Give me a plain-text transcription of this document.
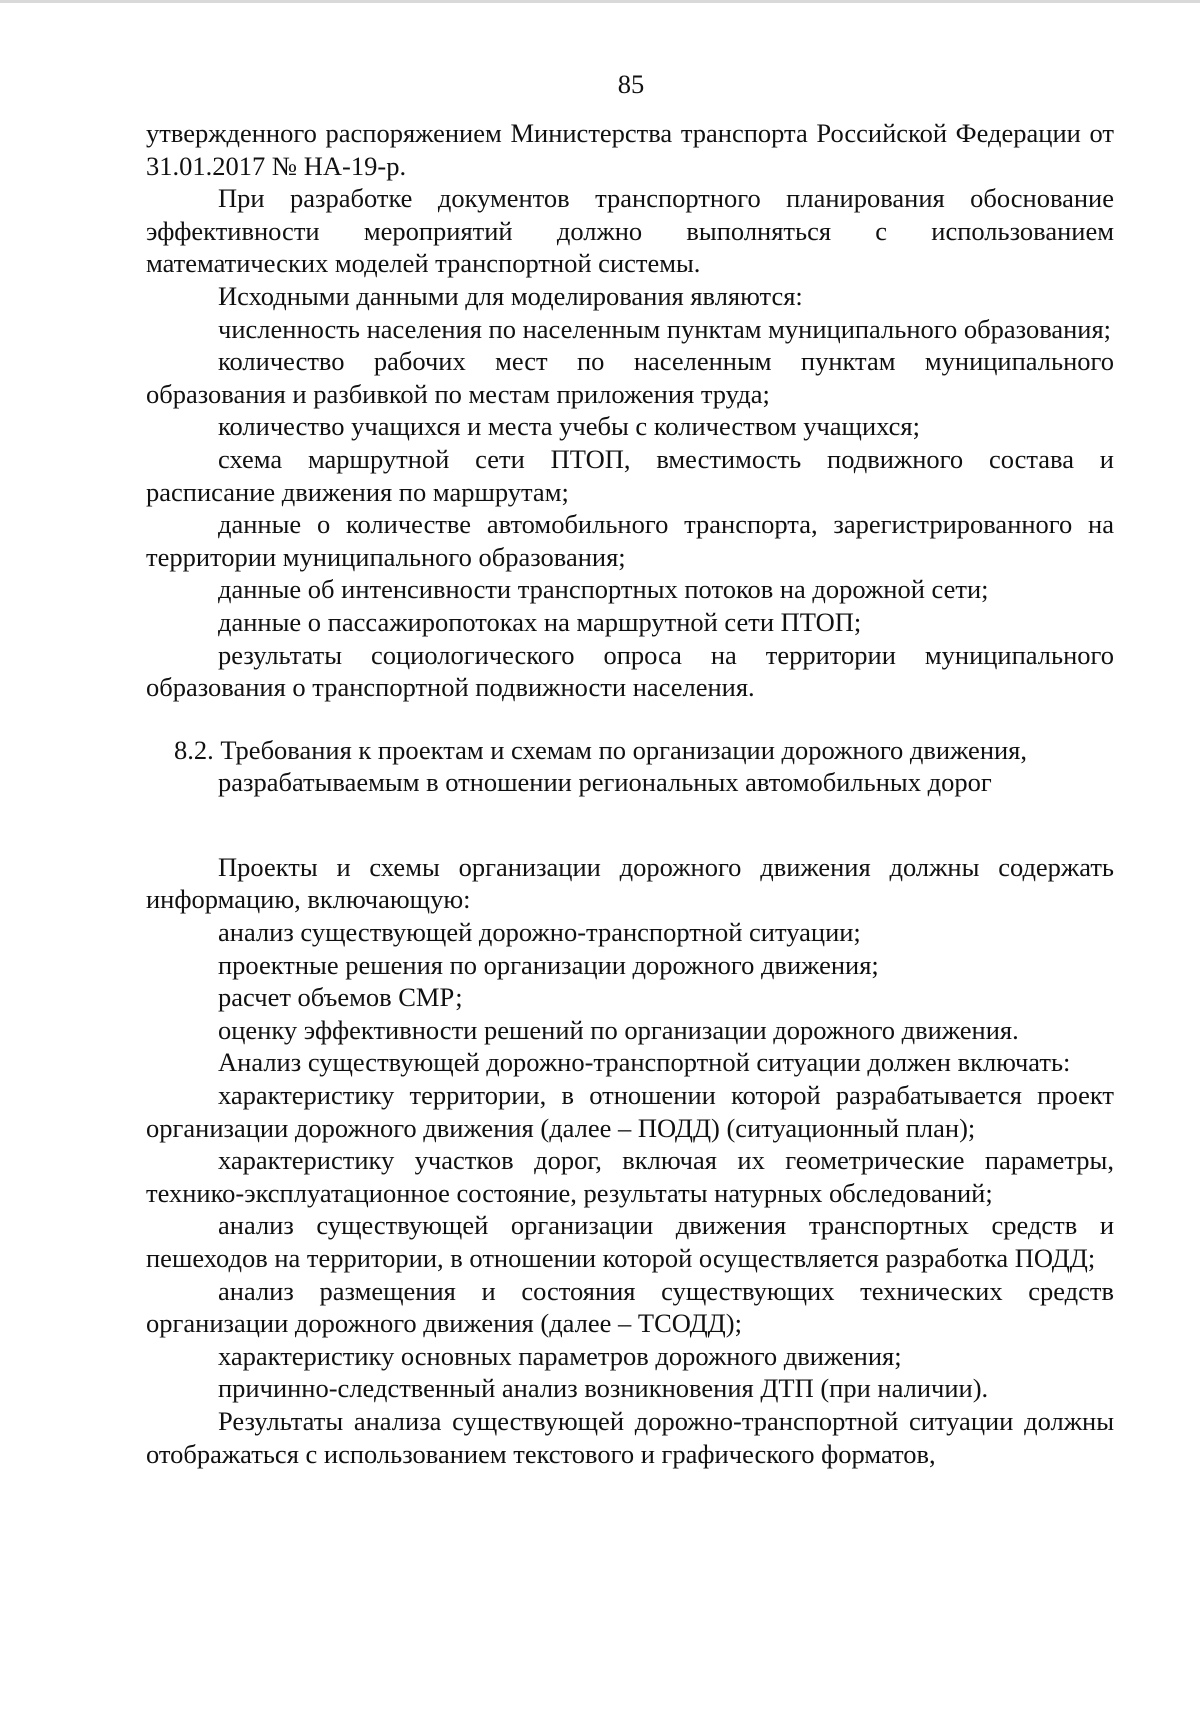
85

утвержденного распоряжением Министерства транспорта Российской Федерации от 31.01.2017 № НА-19-р.

При разработке документов транспортного планирования обоснование эффективности мероприятий должно выполняться с использованием математических моделей транспортной системы.

Исходными данными для моделирования являются:

численность населения по населенным пунктам муниципального образования;

количество рабочих мест по населенным пунктам муниципального образования и разбивкой по местам приложения труда;

количество учащихся и места учебы с количеством учащихся;

схема маршрутной сети ПТОП, вместимость подвижного состава и расписание движения по маршрутам;

данные о количестве автомобильного транспорта, зарегистрированного на территории муниципального образования;

данные об интенсивности транспортных потоков на дорожной сети;

данные о пассажиропотоках на маршрутной сети ПТОП;

результаты социологического опроса на территории муниципального образования о транспортной подвижности населения.

8.2. Требования к проектам и схемам по организации дорожного движения, разрабатываемым в отношении региональных автомобильных дорог

Проекты и схемы организации дорожного движения должны содержать информацию, включающую:

анализ существующей дорожно-транспортной ситуации;

проектные решения по организации дорожного движения;

расчет объемов СМР;

оценку эффективности решений по организации дорожного движения.

Анализ существующей дорожно-транспортной ситуации должен включать:

характеристику территории, в отношении которой разрабатывается проект организации дорожного движения (далее – ПОДД) (ситуационный план);

характеристику участков дорог, включая их геометрические параметры, технико-эксплуатационное состояние, результаты натурных обследований;

анализ существующей организации движения транспортных средств и пешеходов на территории, в отношении которой осуществляется разработка ПОДД;

анализ размещения и состояния существующих технических средств организации дорожного движения (далее – ТСОДД);

характеристику основных параметров дорожного движения;

причинно-следственный анализ возникновения ДТП (при наличии).

Результаты анализа существующей дорожно-транспортной ситуации должны отображаться с использованием текстового и графического форматов,
